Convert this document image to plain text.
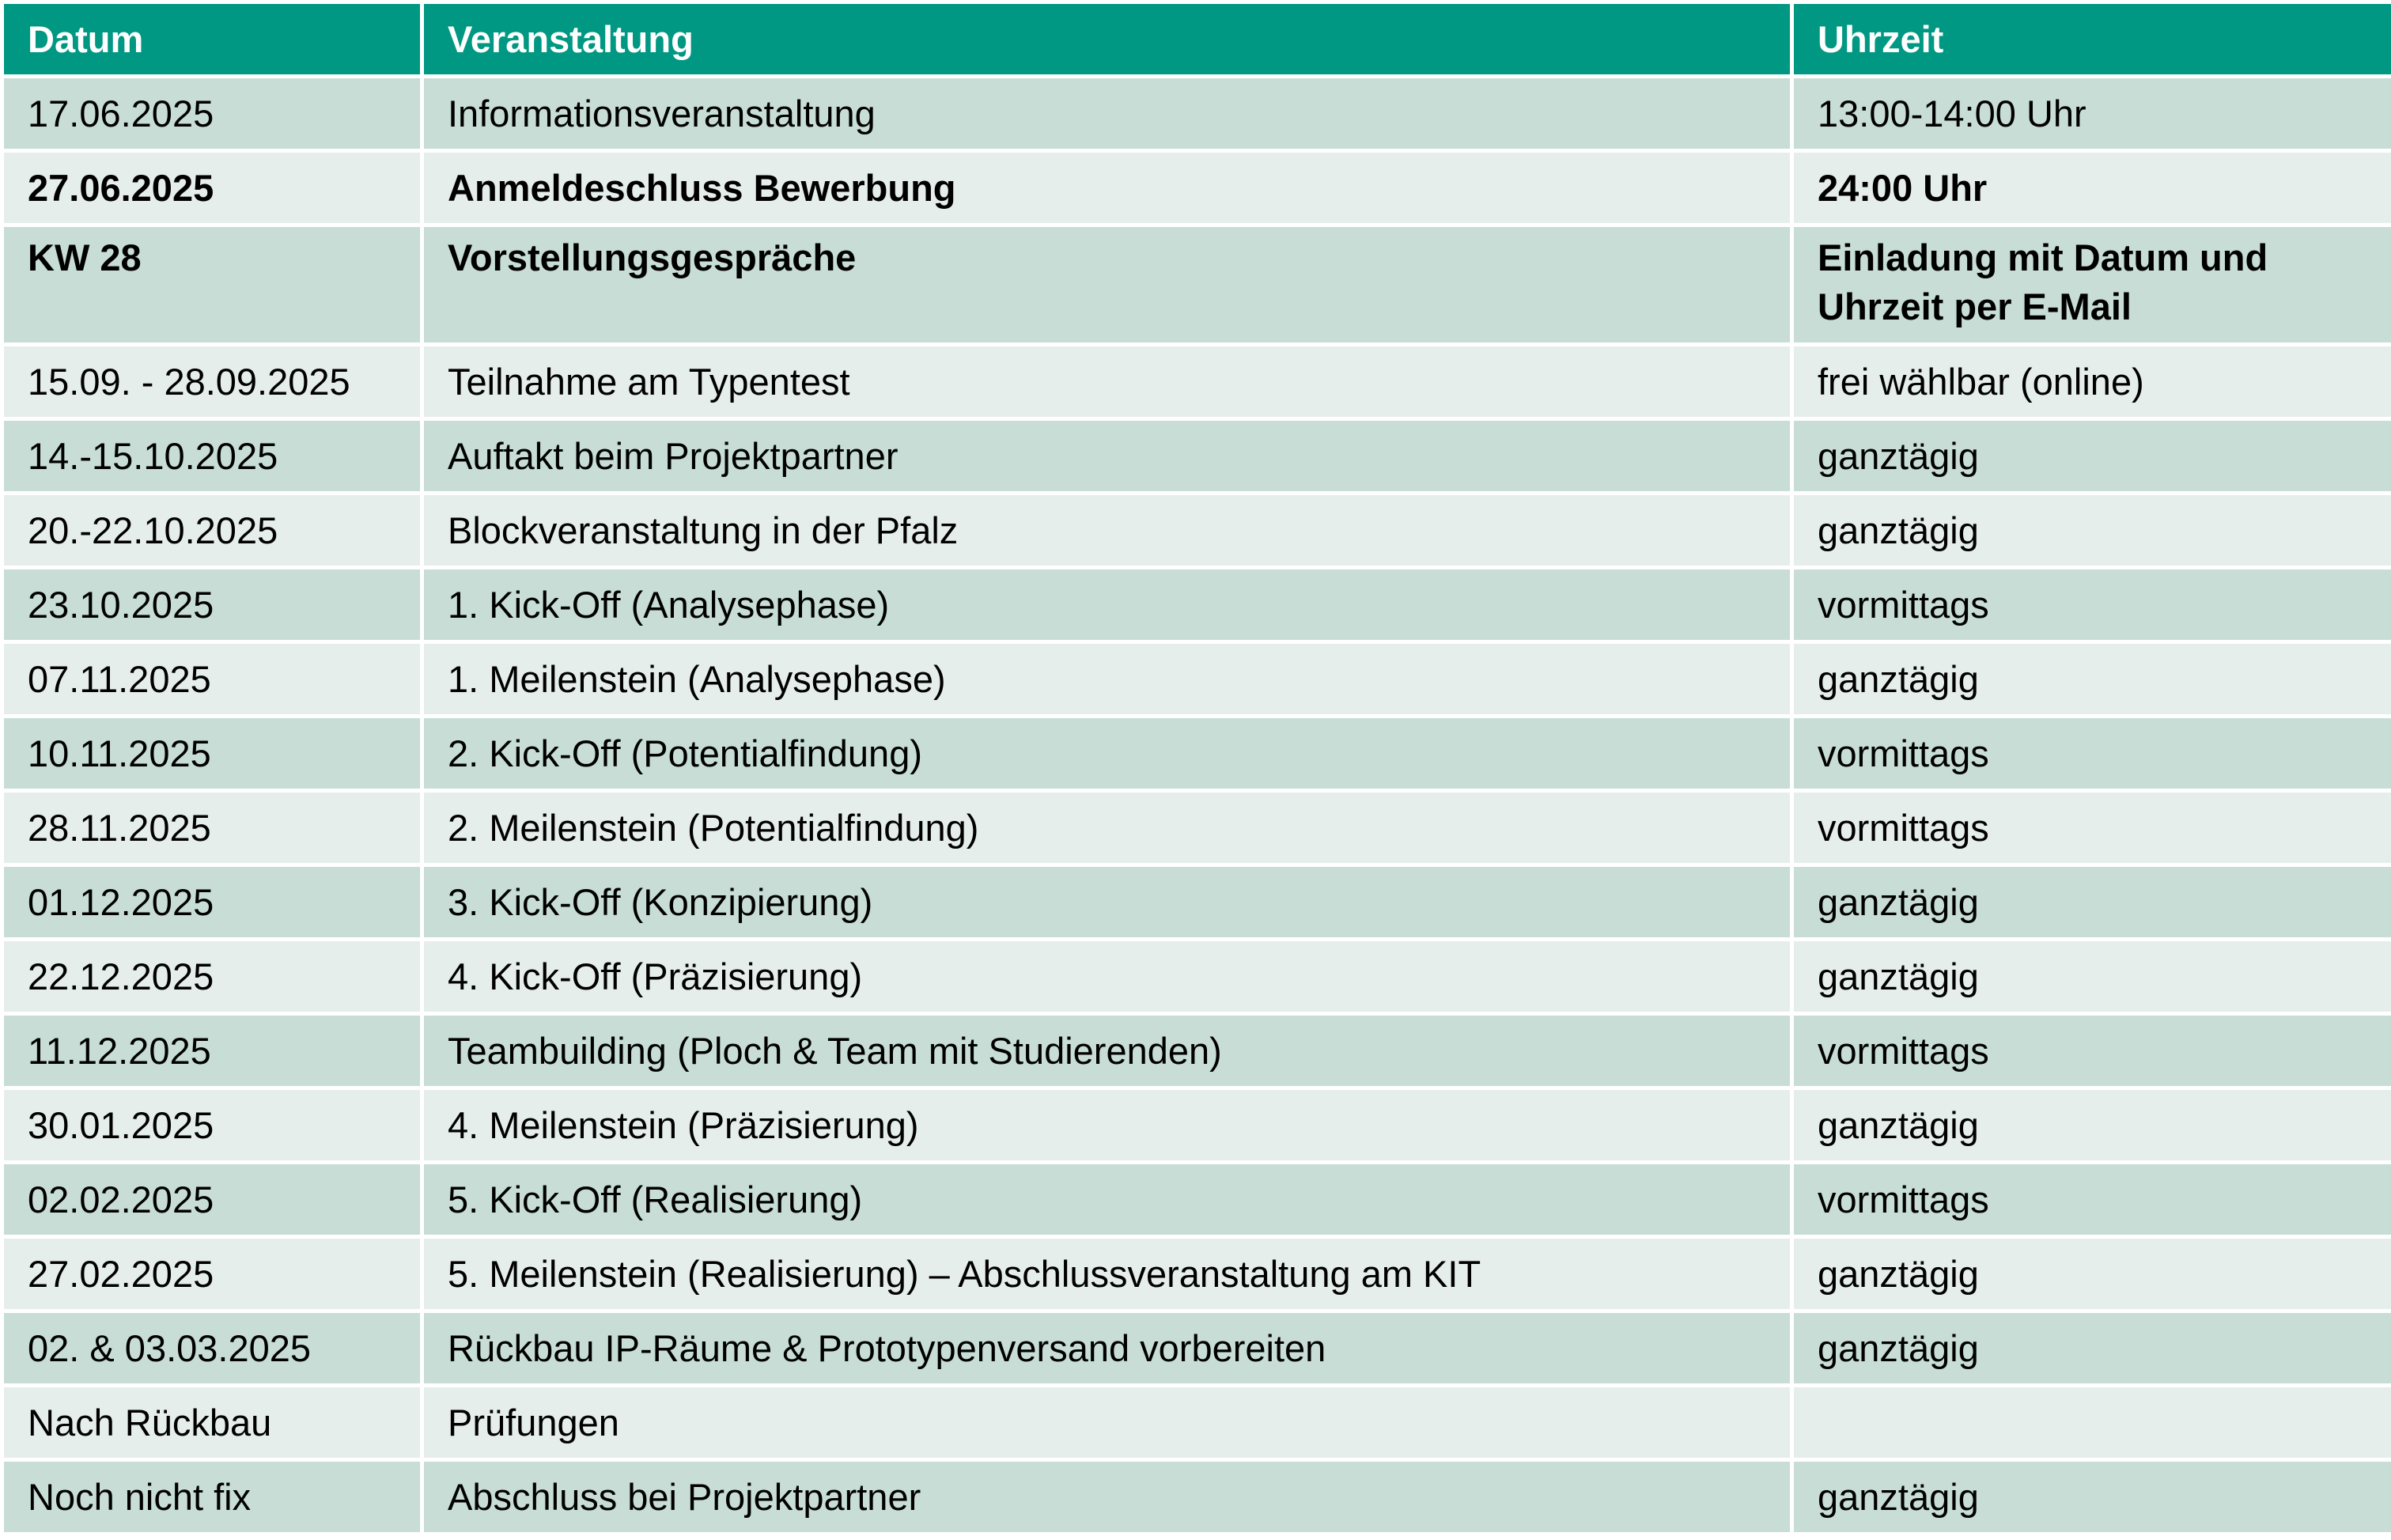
Datum	Veranstaltung	Uhrzeit
17.06.2025	Informationsveranstaltung	13:00-14:00 Uhr
27.06.2025	Anmeldeschluss Bewerbung	24:00 Uhr
KW 28	Vorstellungsgespräche	Einladung mit Datum und Uhrzeit per E-Mail
15.09. - 28.09.2025	Teilnahme am Typentest	frei wählbar (online)
14.-15.10.2025	Auftakt beim Projektpartner	ganztägig
20.-22.10.2025	Blockveranstaltung in der Pfalz	ganztägig
23.10.2025	1. Kick-Off (Analysephase)	vormittags
07.11.2025	1. Meilenstein (Analysephase)	ganztägig
10.11.2025	2. Kick-Off (Potentialfindung)	vormittags
28.11.2025	2. Meilenstein (Potentialfindung)	vormittags
01.12.2025	3. Kick-Off (Konzipierung)	ganztägig
22.12.2025	4. Kick-Off (Präzisierung)	ganztägig
11.12.2025	Teambuilding (Ploch & Team mit Studierenden)	vormittags
30.01.2025	4. Meilenstein (Präzisierung)	ganztägig
02.02.2025	5. Kick-Off (Realisierung)	vormittags
27.02.2025	5. Meilenstein (Realisierung) – Abschlussveranstaltung am KIT	ganztägig
02. & 03.03.2025	Rückbau IP-Räume & Prototypenversand vorbereiten	ganztägig
Nach Rückbau	Prüfungen	
Noch nicht fix	Abschluss bei Projektpartner	ganztägig
